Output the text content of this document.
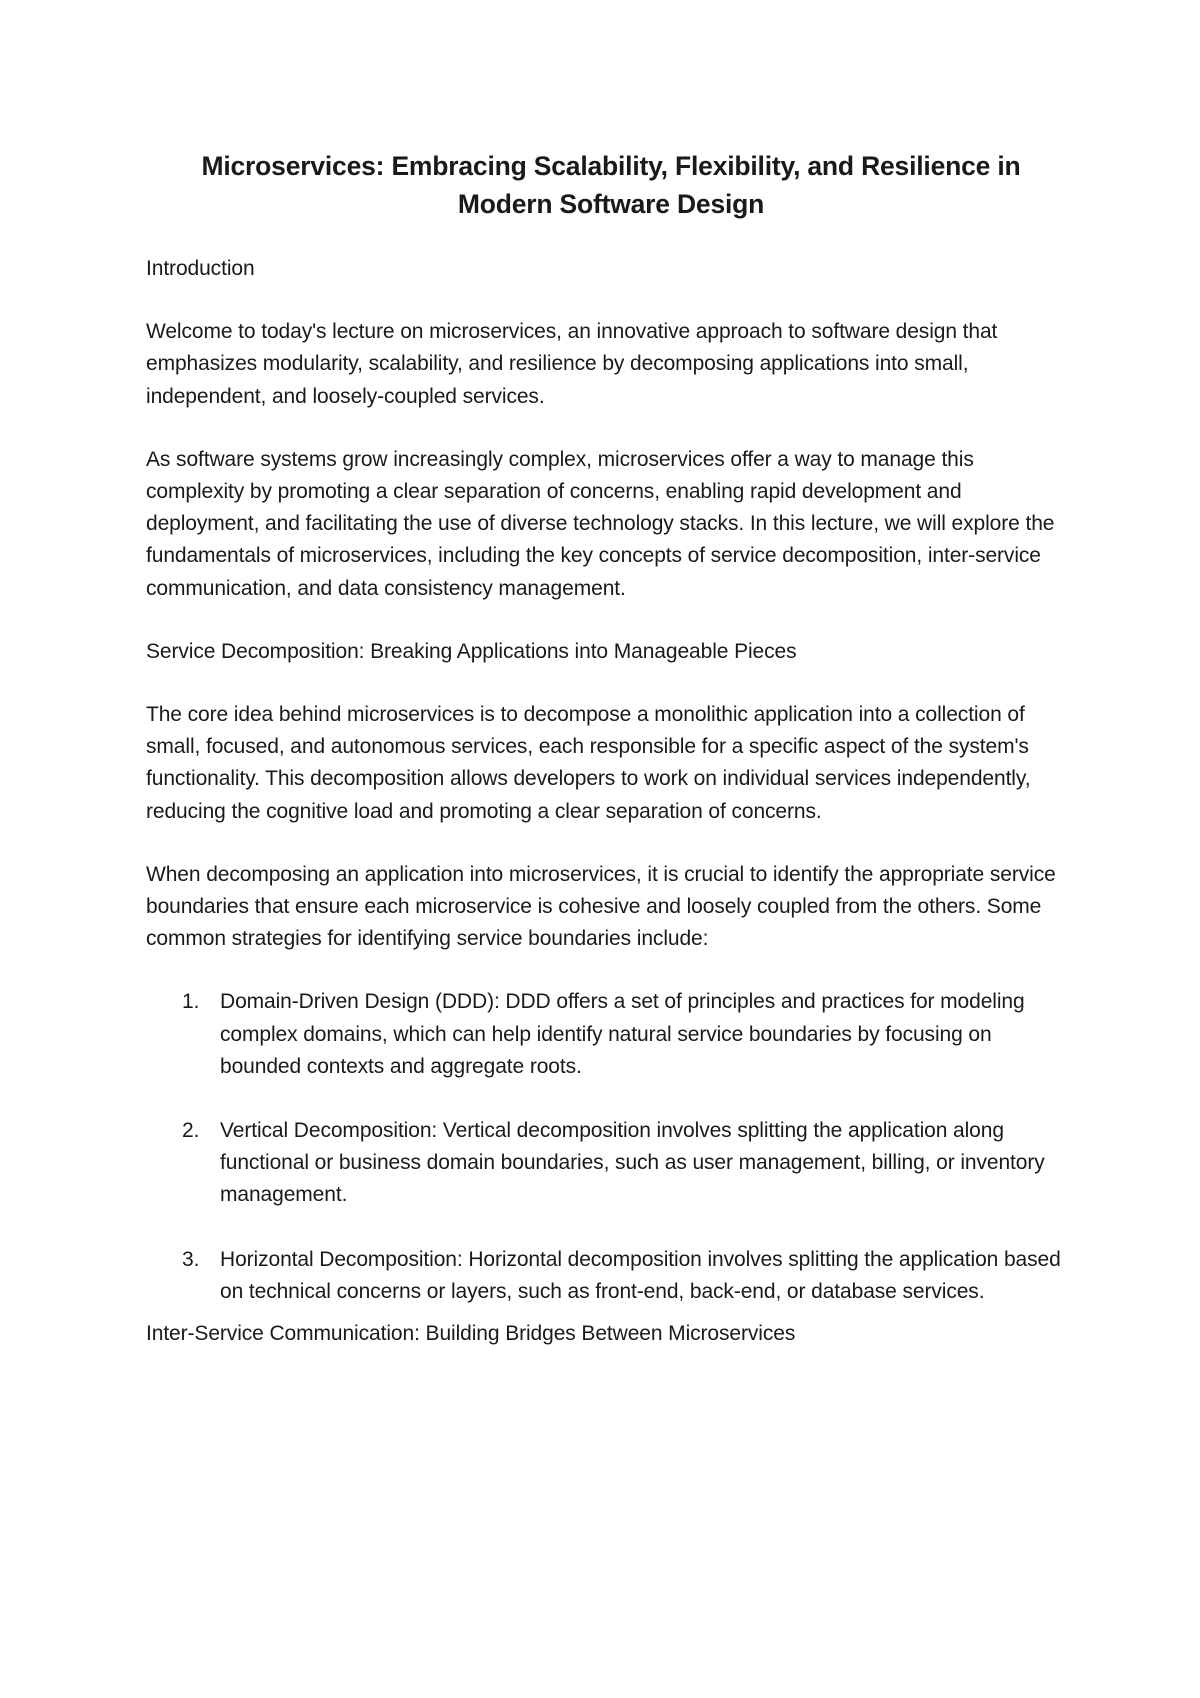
Microservices: Embracing Scalability, Flexibility, and Resilience in
Modern Software Design

Introduction

Welcome to today's lecture on microservices, an innovative approach to software design that emphasizes modularity, scalability, and resilience by decomposing applications into small, independent, and loosely-coupled services.

As software systems grow increasingly complex, microservices offer a way to manage this complexity by promoting a clear separation of concerns, enabling rapid development and deployment, and facilitating the use of diverse technology stacks. In this lecture, we will explore the fundamentals of microservices, including the key concepts of service decomposition, inter-service communication, and data consistency management.

Service Decomposition: Breaking Applications into Manageable Pieces

The core idea behind microservices is to decompose a monolithic application into a collection of small, focused, and autonomous services, each responsible for a specific aspect of the system's functionality. This decomposition allows developers to work on individual services independently, reducing the cognitive load and promoting a clear separation of concerns.

When decomposing an application into microservices, it is crucial to identify the appropriate service boundaries that ensure each microservice is cohesive and loosely coupled from the others. Some common strategies for identifying service boundaries include:

1. Domain-Driven Design (DDD): DDD offers a set of principles and practices for modeling complex domains, which can help identify natural service boundaries by focusing on bounded contexts and aggregate roots.
2. Vertical Decomposition: Vertical decomposition involves splitting the application along functional or business domain boundaries, such as user management, billing, or inventory management.
3. Horizontal Decomposition: Horizontal decomposition involves splitting the application based on technical concerns or layers, such as front-end, back-end, or database services.

Inter-Service Communication: Building Bridges Between Microservices
